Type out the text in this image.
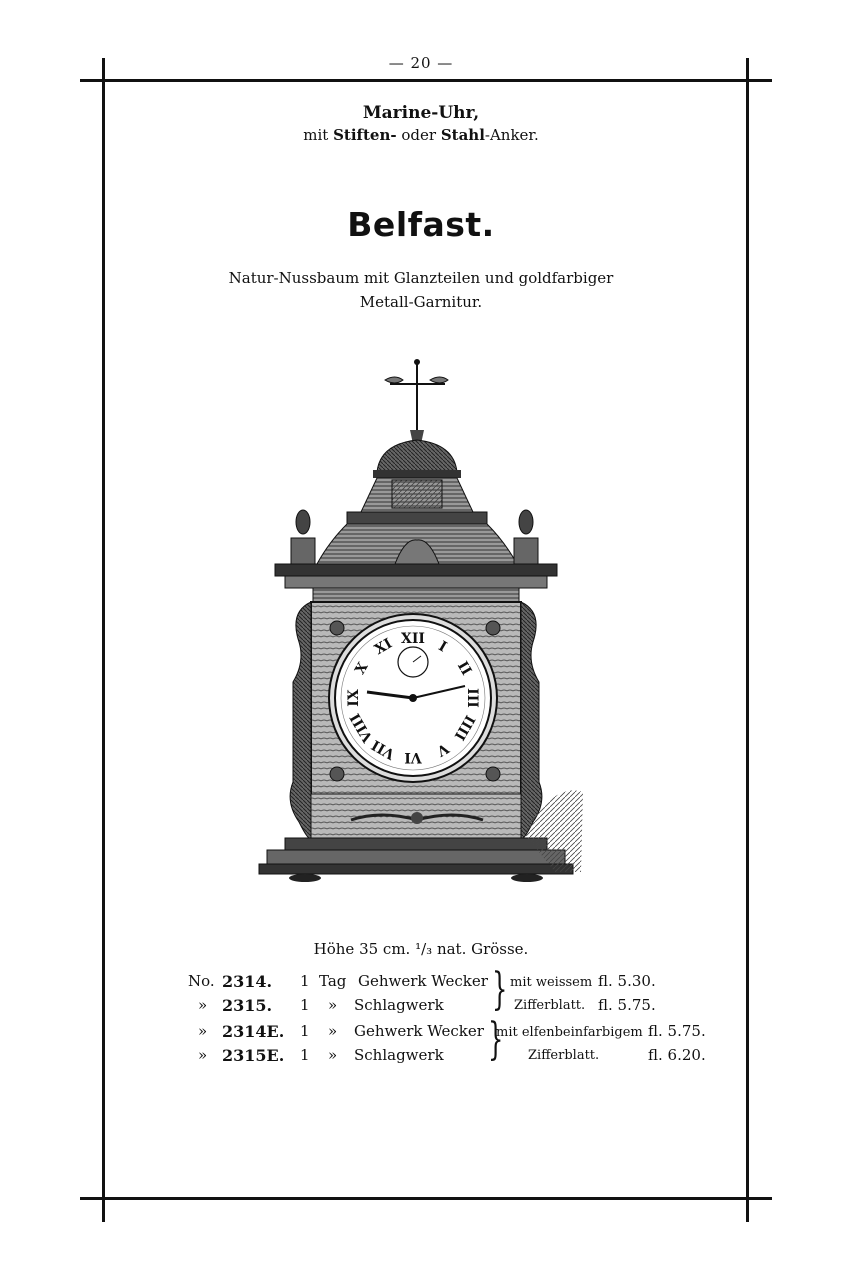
— 20 —
Marine-Uhr,
mit Stiften- oder Stahl-Anker.
Belfast.
Natur-Nussbaum mit Glanzteilen und goldfarbiger
Metall-Garnitur.
XII I
II
III
IIII
V
VI
VII
VIII
IX
X
XI
Höhe 35 cm. ¹/₃ nat. Grösse.
No. 2314. 1 Tag Gehwerk Wecker	fl. 5.30.
» 2315. 1 » Schlagwerk	fl. 5.75.
» 2314E. 1 » Gehwerk Wecker	fl. 5.75.
» 2315E. 1 » Schlagwerk	fl. 6.20.
mit weissem
Zifferblatt.
mit elfenbeinfarbigem
Zifferblatt.
}
}
